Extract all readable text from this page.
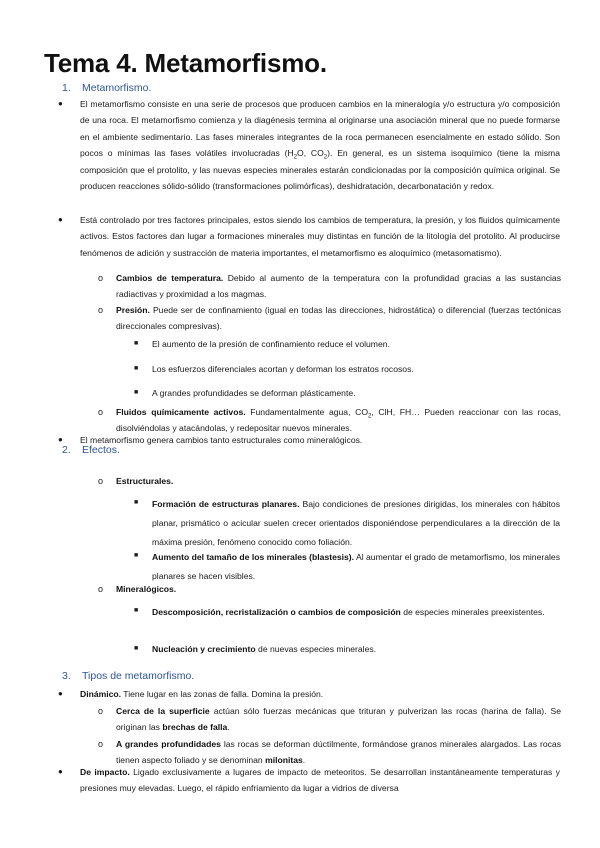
Tema 4. Metamorfismo.
1. Metamorfismo.
●	El metamorfismo consiste en una serie de procesos que producen cambios en la mineralogía y/o estructura y/o composición de una roca. El metamorfismo comienza y la diagénesis termina al originarse una asociación mineral que no puede formarse en el ambiente sedimentario. Las fases minerales integrantes de la roca permanecen esencialmente en estado sólido. Son pocos o mínimas las fases volátiles involucradas ($H_2O$, $CO_2$). En general, es un sistema isoquímico (tiene la misma composición que el protolito, y las nuevas especies minerales estarán condicionadas por la composición química original. Se producen reacciones sólido-sólido (transformaciones polimórficas), deshidratación, decarbonatación y redox.
●	Está controlado por tres factores principales, estos siendo los cambios de temperatura, la presión, y los fluidos químicamente activos. Estos factores dan lugar a formaciones minerales muy distintas en función de la litología del protolito. Al producirse fenómenos de adición y sustracción de materia importantes, el metamorfismo es aloquímico (metasomatismo).
o	Cambios de temperatura. Debido al aumento de la temperatura con la profundidad gracias a las sustancias radiactivas y proximidad a los magmas.
o	Presión. Puede ser de confinamiento (igual en todas las direcciones, hidrostática) o diferencial (fuerzas tectónicas direccionales compresivas).
■ El aumento de la presión de confinamiento reduce el volumen.
■ Los esfuerzos diferenciales acortan y deforman los estratos rocosos.
■ A grandes profundidades se deforman plásticamente.
o	Fluidos químicamente activos. Fundamentalmente agua, $CO_2$, ClH, FH… Pueden reaccionar con las rocas, disolviéndolas y atacándolas, y redepositar nuevos minerales.
2. Efectos.
●	El metamorfismo genera cambios tanto estructurales como mineralógicos.
o	Estructurales.
■ Formación de estructuras planares. Bajo condiciones de presiones dirigidas, los minerales con hábitos planar, prismático o acicular suelen crecer orientados disponiéndose perpendiculares a la dirección de la máxima presión, fenómeno conocido como foliación.
■ Aumento del tamaño de los minerales (blastesis). Al aumentar el grado de metamorfismo, los minerales planares se hacen visibles.
o	Mineralógicos.
■ Descomposición, recristalización o cambios de composición de especies minerales preexistentes.
■ Nucleación y crecimiento de nuevas especies minerales.
3. Tipos de metamorfismo.
●	Dinámico. Tiene lugar en las zonas de falla. Domina la presión.
o	Cerca de la superficie actúan sólo fuerzas mecánicas que trituran y pulverizan las rocas (harina de falla). Se originan las brechas de falla.
o	A grandes profundidades las rocas se deforman dúctilmente, formándose granos minerales alargados. Las rocas tienen aspecto foliado y se denominan milonitas.
●	De impacto. Ligado exclusivamente a lugares de impacto de meteoritos. Se desarrollan instantáneamente temperaturas y presiones muy elevadas. Luego, el rápido enfriamiento da lugar a vidrios de diversa
